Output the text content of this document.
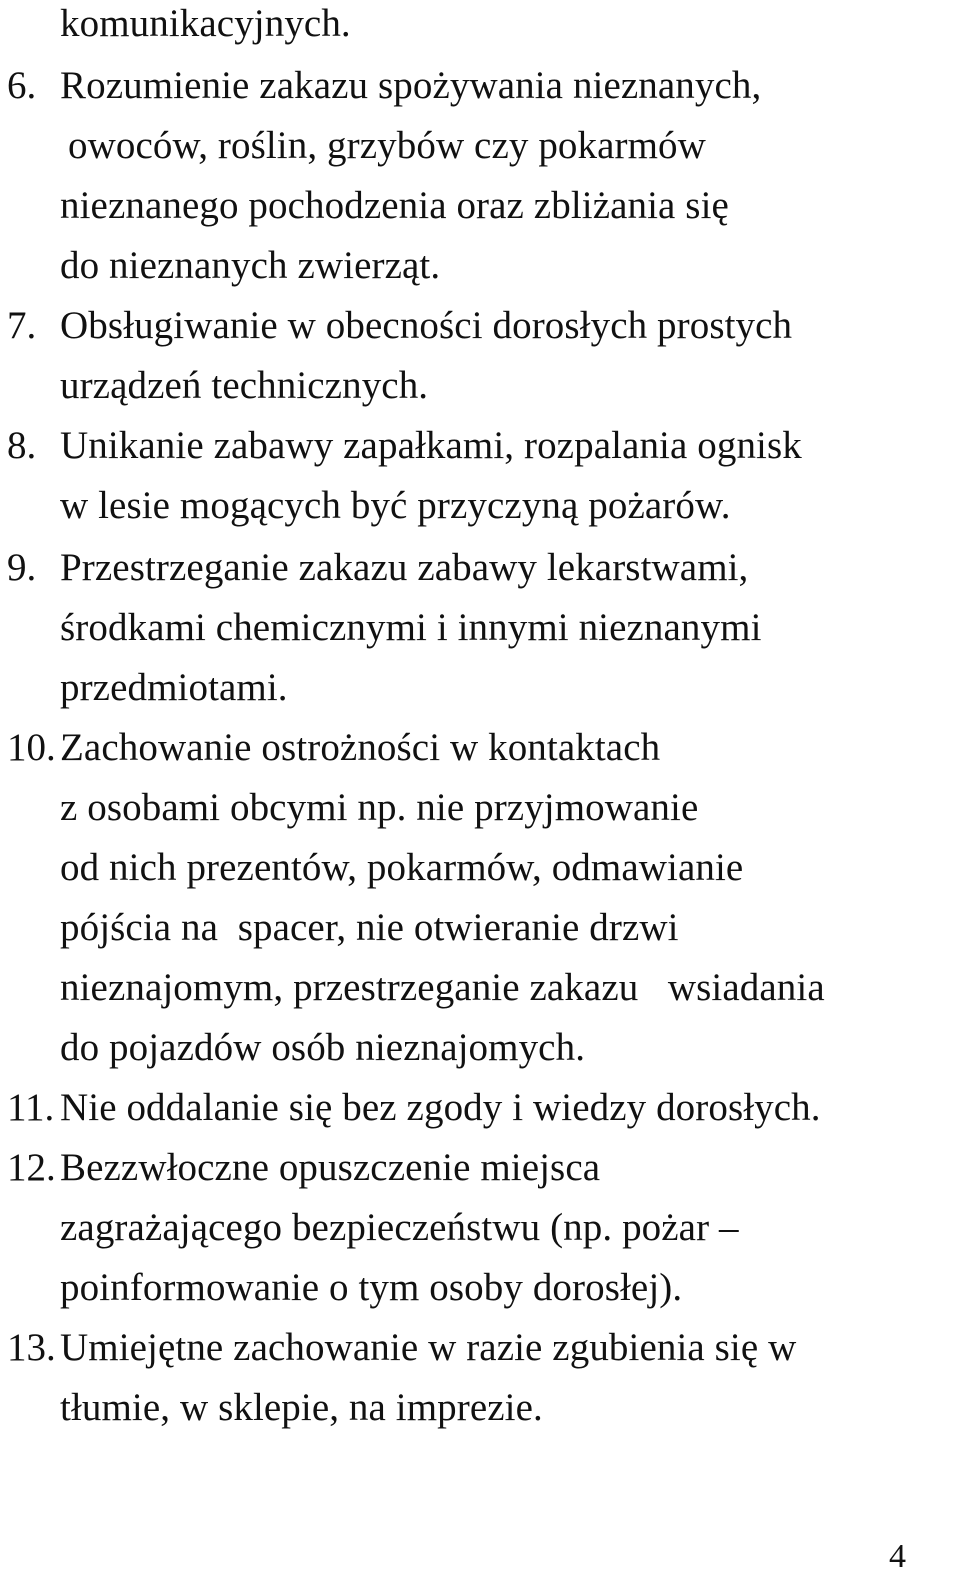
komunikacyjnych.
6. Rozumienie zakazu spożywania nieznanych,
owoców, roślin, grzybów czy pokarmów
nieznanego pochodzenia oraz zbliżania się
do nieznanych zwierząt.
7. Obsługiwanie w obecności dorosłych prostych
urządzeń technicznych.
8. Unikanie zabawy zapałkami, rozpalania ognisk
w lesie mogących być przyczyną pożarów.
9. Przestrzeganie zakazu zabawy lekarstwami,
środkami chemicznymi i innymi nieznanymi
przedmiotami.
10. Zachowanie ostrożności w kontaktach
z osobami obcymi np. nie przyjmowanie
od nich prezentów, pokarmów, odmawianie
pójścia na  spacer, nie otwieranie drzwi
nieznajomym, przestrzeganie zakazu   wsiadania
do pojazdów osób nieznajomych.
11. Nie oddalanie się bez zgody i wiedzy dorosłych.
12. Bezzwłoczne opuszczenie miejsca
zagrażającego bezpieczeństwu (np. pożar –
poinformowanie o tym osoby dorosłej).
13. Umiejętne zachowanie w razie zgubienia się w
tłumie, w sklepie, na imprezie.
4
